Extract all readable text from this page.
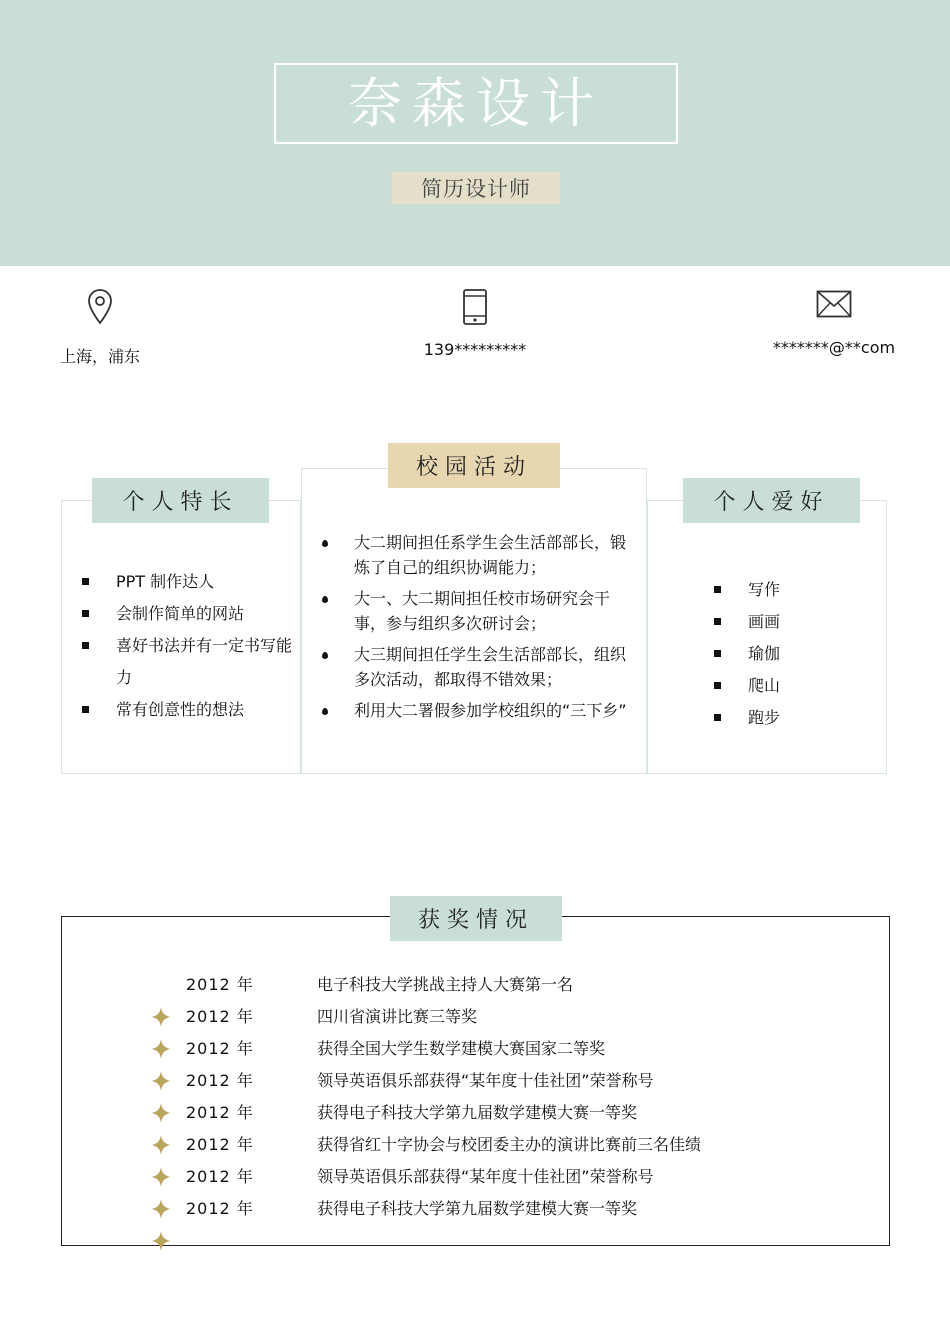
奈森设计
简历设计师
上海，浦东	139*********	*******@**com
个人特长
校园活动
个人爱好
PPT 制作达人
会制作简单的网站
喜好书法并有一定书写能力
常有创意性的想法
大二期间担任系学生会生活部部长，锻炼了自己的组织协调能力；
大一、大二期间担任校市场研究会干事，参与组织多次研讨会；
大三期间担任学生会生活部部长，组织多次活动，都取得不错效果；
利用大二署假参加学校组织的“三下乡”
写作
画画
瑜伽
爬山
跑步
获奖情况
2012 年	电子科技大学挑战主持人大赛第一名
2012 年	四川省演讲比赛三等奖
2012 年	获得全国大学生数学建模大赛国家二等奖
2012 年	领导英语俱乐部获得“某年度十佳社团”荣誉称号
2012 年	获得电子科技大学第九届数学建模大赛一等奖
2012 年	获得省红十字协会与校团委主办的演讲比赛前三名佳绩
2012 年	领导英语俱乐部获得“某年度十佳社团”荣誉称号
2012 年	获得电子科技大学第九届数学建模大赛一等奖
